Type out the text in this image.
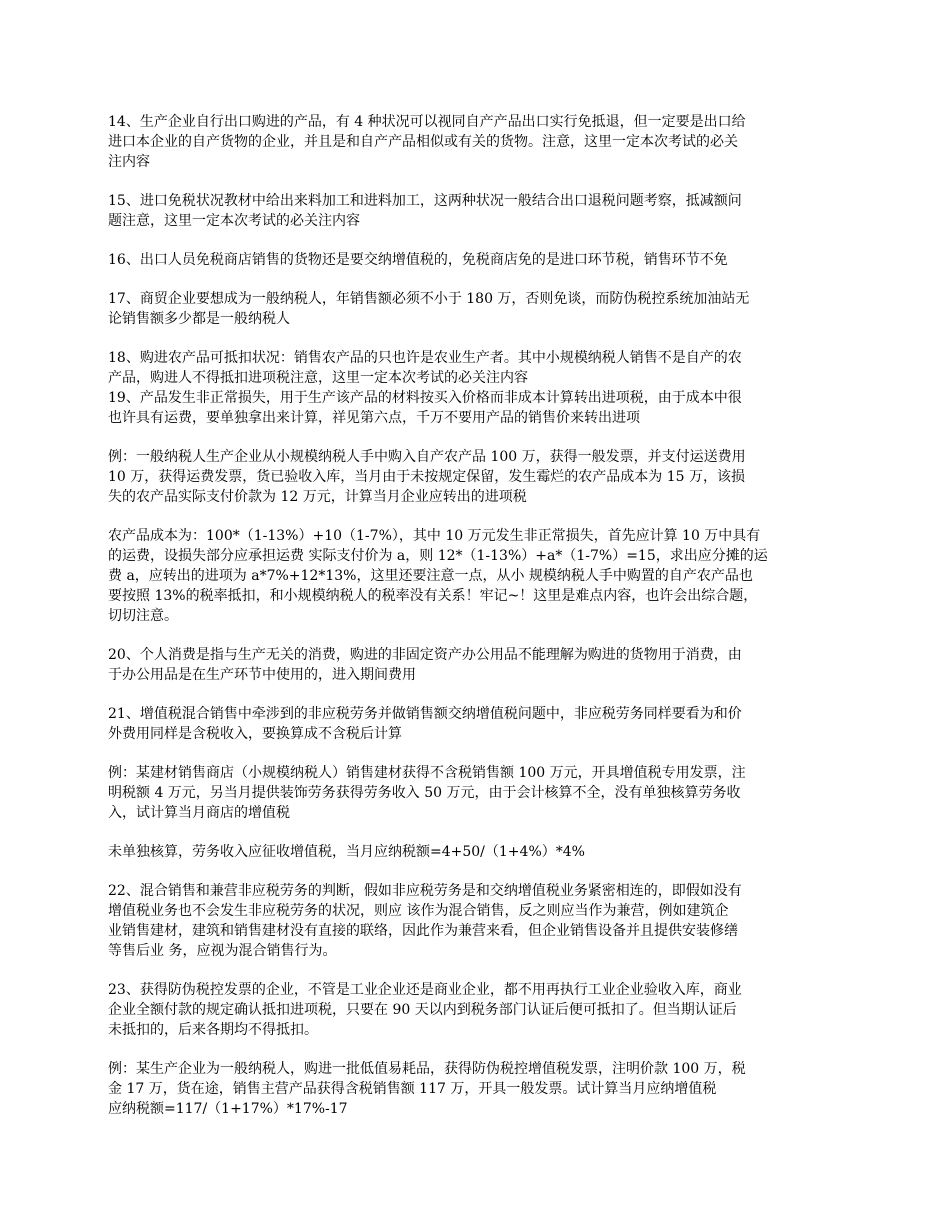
14、生产企业自行出口购进的产品，有 4 种状况可以视同自产产品出口实行免抵退，但一定要是出口给
进口本企业的自产货物的企业，并且是和自产产品相似或有关的货物。注意，这里一定本次考试的必关
注内容
15、进口免税状况教材中给出来料加工和进料加工，这两种状况一般结合出口退税问题考察，抵减额问
题注意，这里一定本次考试的必关注内容
16、出口人员免税商店销售的货物还是要交纳增值税的，免税商店免的是进口环节税，销售环节不免
17、商贸企业要想成为一般纳税人，年销售额必须不小于 180 万，否则免谈，而防伪税控系统加油站无
论销售额多少都是一般纳税人
18、购进农产品可抵扣状况：销售农产品的只也许是农业生产者。其中小规模纳税人销售不是自产的农
产品，购进人不得抵扣进项税注意，这里一定本次考试的必关注内容
19、产品发生非正常损失，用于生产该产品的材料按买入价格而非成本计算转出进项税，由于成本中很
也许具有运费，要单独拿出来计算，祥见第六点，千万不要用产品的销售价来转出进项
例：一般纳税人生产企业从小规模纳税人手中购入自产农产品 100 万，获得一般发票，并支付运送费用
10 万，获得运费发票，货已验收入库，当月由于未按规定保留，发生霉烂的农产品成本为 15 万，该损
失的农产品实际支付价款为 12 万元，计算当月企业应转出的进项税
农产品成本为：100*（1-13%）+10（1-7%），其中 10 万元发生非正常损失，首先应计算 10 万中具有
的运费，设损失部分应承担运费 实际支付价为 a，则 12*（1-13%）+a*（1-7%）=15，求出应分摊的运
费 a，应转出的进项为 a*7%+12*13%，这里还要注意一点，从小 规模纳税人手中购置的自产农产品也
要按照 13%的税率抵扣，和小规模纳税人的税率没有关系！牢记~！这里是难点内容，也许会出综合题，
切切注意。
20、个人消费是指与生产无关的消费，购进的非固定资产办公用品不能理解为购进的货物用于消费，由
于办公用品是在生产环节中使用的，进入期间费用
21、增值税混合销售中牵涉到的非应税劳务并做销售额交纳增值税问题中，非应税劳务同样要看为和价
外费用同样是含税收入，要换算成不含税后计算
例：某建材销售商店（小规模纳税人）销售建材获得不含税销售额 100 万元，开具增值税专用发票，注
明税额 4 万元，另当月提供装饰劳务获得劳务收入 50 万元，由于会计核算不全，没有单独核算劳务收
入，试计算当月商店的增值税
未单独核算，劳务收入应征收增值税，当月应纳税额=4+50/（1+4%）*4%
22、混合销售和兼营非应税劳务的判断，假如非应税劳务是和交纳增值税业务紧密相连的，即假如没有
增值税业务也不会发生非应税劳务的状况，则应 该作为混合销售，反之则应当作为兼营，例如建筑企
业销售建材，建筑和销售建材没有直接的联络，因此作为兼营来看，但企业销售设备并且提供安装修缮
等售后业 务，应视为混合销售行为。
23、获得防伪税控发票的企业，不管是工业企业还是商业企业，都不用再执行工业企业验收入库，商业
企业全额付款的规定确认抵扣进项税，只要在 90 天以内到税务部门认证后便可抵扣了。但当期认证后
未抵扣的，后来各期均不得抵扣。
例：某生产企业为一般纳税人，购进一批低值易耗品，获得防伪税控增值税发票，注明价款 100 万，税
金 17 万，货在途，销售主营产品获得含税销售额 117 万，开具一般发票。试计算当月应纳增值税
应纳税额=117/（1+17%）*17%-17
